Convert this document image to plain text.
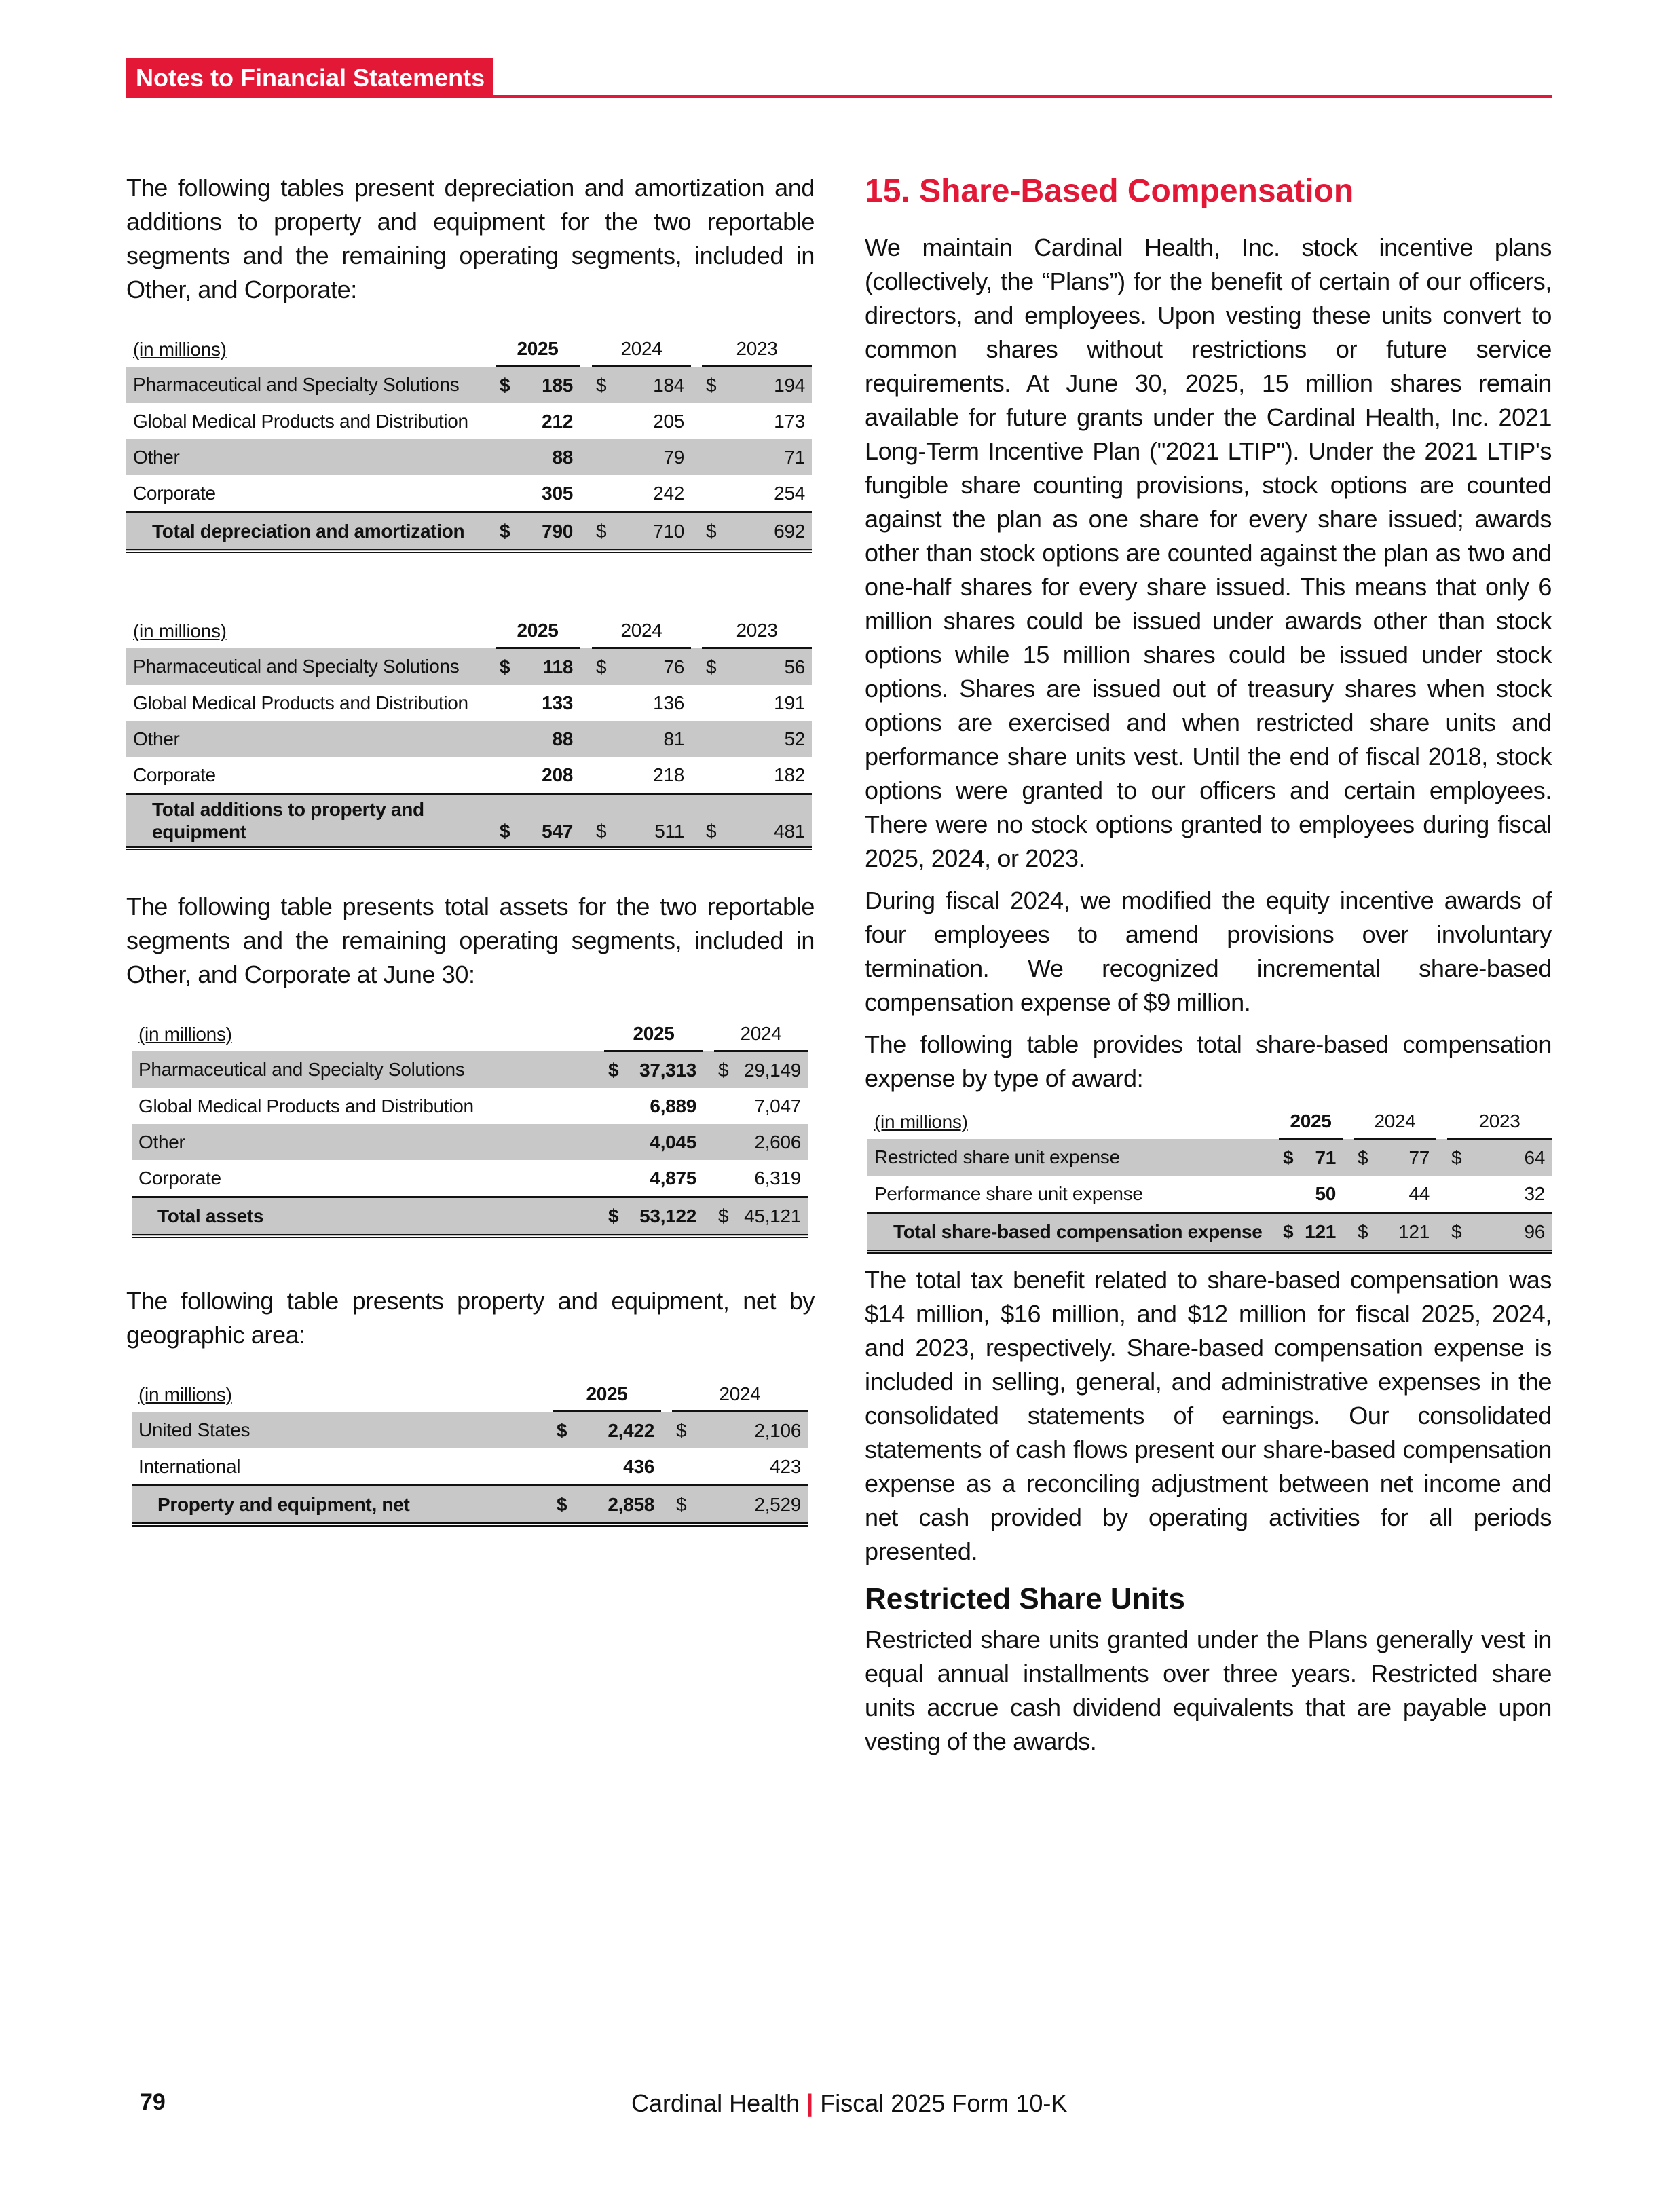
Notes to Financial Statements

The following tables present depreciation and amortization and additions to property and equipment for the two reportable segments and the remaining operating segments, included in Other, and Corporate:

(in millions)	2025			2024			2023	
Pharmaceutical and Specialty Solutions	$	185		$	184		$	194
Global Medical Products and Distribution		212			205			173
Other		88			79			71
Corporate		305			242			254
Total depreciation and amortization	$	790		$	710		$	692
(in millions)	2025			2024			2023	
Pharmaceutical and Specialty Solutions	$	118		$	76		$	56
Global Medical Products and Distribution		133			136			191
Other		88			81			52
Corporate		208			218			182
Total additions to property and equipment	$	547		$	511		$	481

The following table presents total assets for the two reportable segments and the remaining operating segments, included in Other, and Corporate at June 30:

(in millions)	2025			2024	
Pharmaceutical and Specialty Solutions	$	37,313		$	29,149
Global Medical Products and Distribution		6,889			7,047
Other		4,045			2,606
Corporate		4,875			6,319
Total assets	$	53,122		$	45,121

The following table presents property and equipment, net by geographic area:

(in millions)	2025			2024	
United States	$	2,422		$	2,106
International		436			423
Property and equipment, net	$	2,858		$	2,529
15. Share-Based Compensation

We maintain Cardinal Health, Inc. stock incentive plans (collectively, the “Plans”) for the benefit of certain of our officers, directors, and employees. Upon vesting these units convert to common shares without restrictions or future service requirements. At June 30, 2025, 15 million shares remain available for future grants under the Cardinal Health, Inc. 2021 Long-Term Incentive Plan ("2021 LTIP"). Under the 2021 LTIP's fungible share counting provisions, stock options are counted against the plan as one share for every share issued; awards other than stock options are counted against the plan as two and one-half shares for every share issued. This means that only 6 million shares could be issued under awards other than stock options while 15 million shares could be issued under stock options. Shares are issued out of treasury shares when stock options are exercised and when restricted share units and performance share units vest. Until the end of fiscal 2018, stock options were granted to our officers and certain employees. There were no stock options granted to employees during fiscal 2025, 2024, or 2023.

During fiscal 2024, we modified the equity incentive awards of four employees to amend provisions over involuntary termination. We recognized incremental share-based compensation expense of $9 million.

The following table provides total share-based compensation expense by type of award:

(in millions)	2025			2024			2023	
Restricted share unit expense	$	71		$	77		$	64
Performance share unit expense		50			44			32
Total share-based compensation expense	$	121		$	121		$	96

The total tax benefit related to share-based compensation was $14 million, $16 million, and $12 million for fiscal 2025, 2024, and 2023, respectively. Share-based compensation expense is included in selling, general, and administrative expenses in the consolidated statements of earnings. Our consolidated statements of cash flows present our share-based compensation expense as a reconciling adjustment between net income and net cash provided by operating activities for all periods presented.

Restricted Share Units

Restricted share units granted under the Plans generally vest in equal annual installments over three years. Restricted share units accrue cash dividend equivalents that are payable upon vesting of the awards.

79	Cardinal Health | Fiscal 2025 Form 10-K
